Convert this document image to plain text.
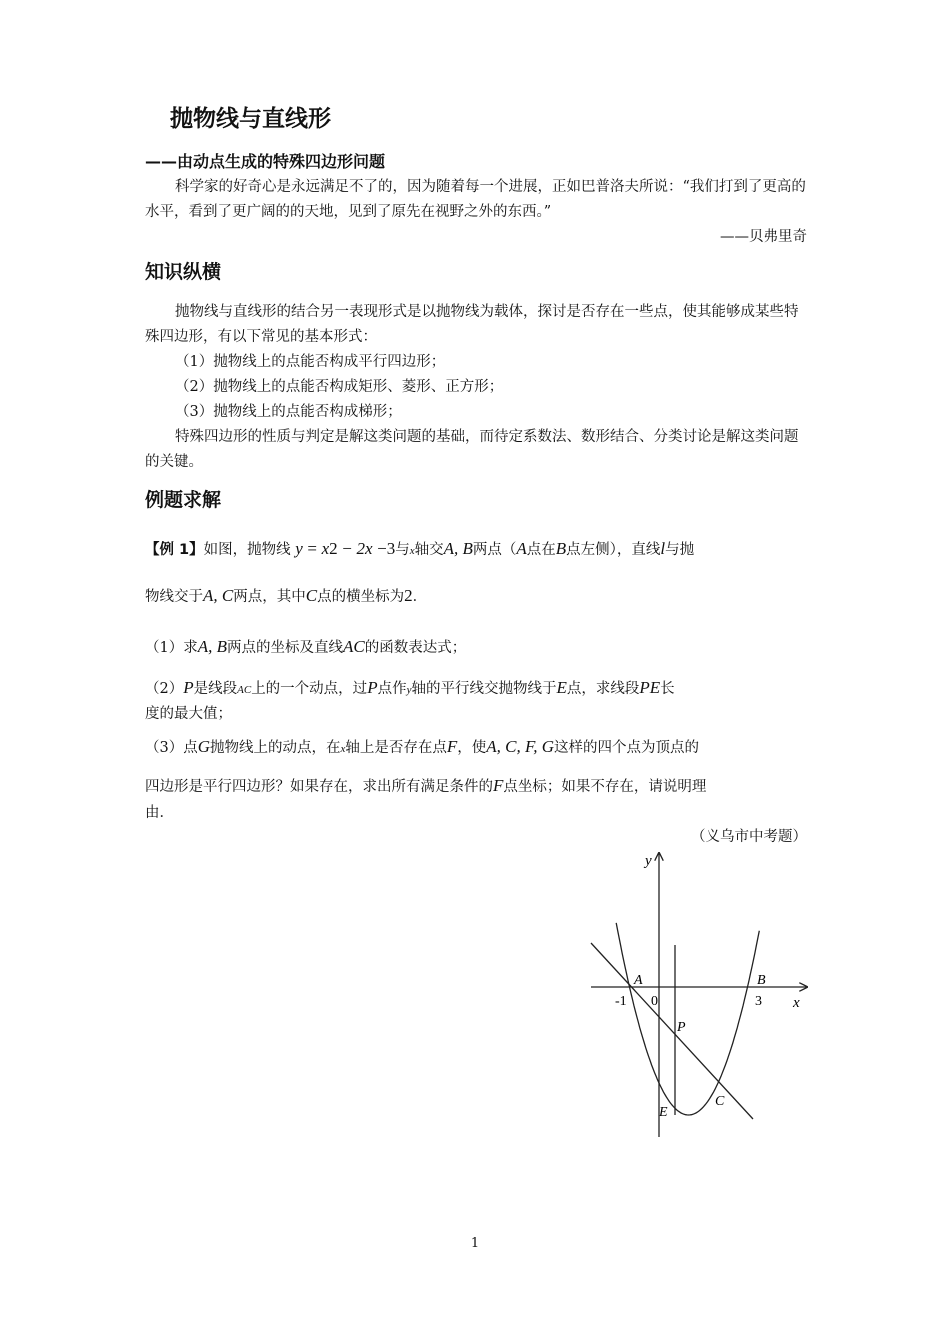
抛物线与直线形
——由动点生成的特殊四边形问题
科学家的好奇心是永远满足不了的，因为随着每一个进展，正如巴普洛夫所说：“我们打到了更高的水平，看到了更广阔的的天地，见到了原先在视野之外的东西。”
——贝弗里奇
知识纵横
抛物线与直线形的结合另一表现形式是以抛物线为载体，探讨是否存在一些点，使其能够成某些特殊四边形，有以下常见的基本形式：
（1）抛物线上的点能否构成平行四边形；
（2）抛物线上的点能否构成矩形、菱形、正方形；
（3）抛物线上的点能否构成梯形；
特殊四边形的性质与判定是解这类问题的基础，而待定系数法、数形结合、分类讨论是解这类问题的关键。
例题求解
【例 1】如图，抛物线 y = x2 − 2x −3与x轴交A, B两点（A点在B点左侧），直线l与抛
物线交于A, C两点，其中C点的横坐标为2．
（1）求A, B两点的坐标及直线AC的函数表达式；
（2）P是线段AC上的一个动点，过P点作y轴的平行线交抛物线于E点，求线段PE长
度的最大值；
（3）点G抛物线上的动点，在x轴上是否存在点F，使A, C, F, G这样的四个点为顶点的
四边形是平行四边形？如果存在，求出所有满足条件的F点坐标；如果不存在，请说明理
由．
（义乌市中考题）
y
x
A	B
-1 0	3
P
E
C
1
